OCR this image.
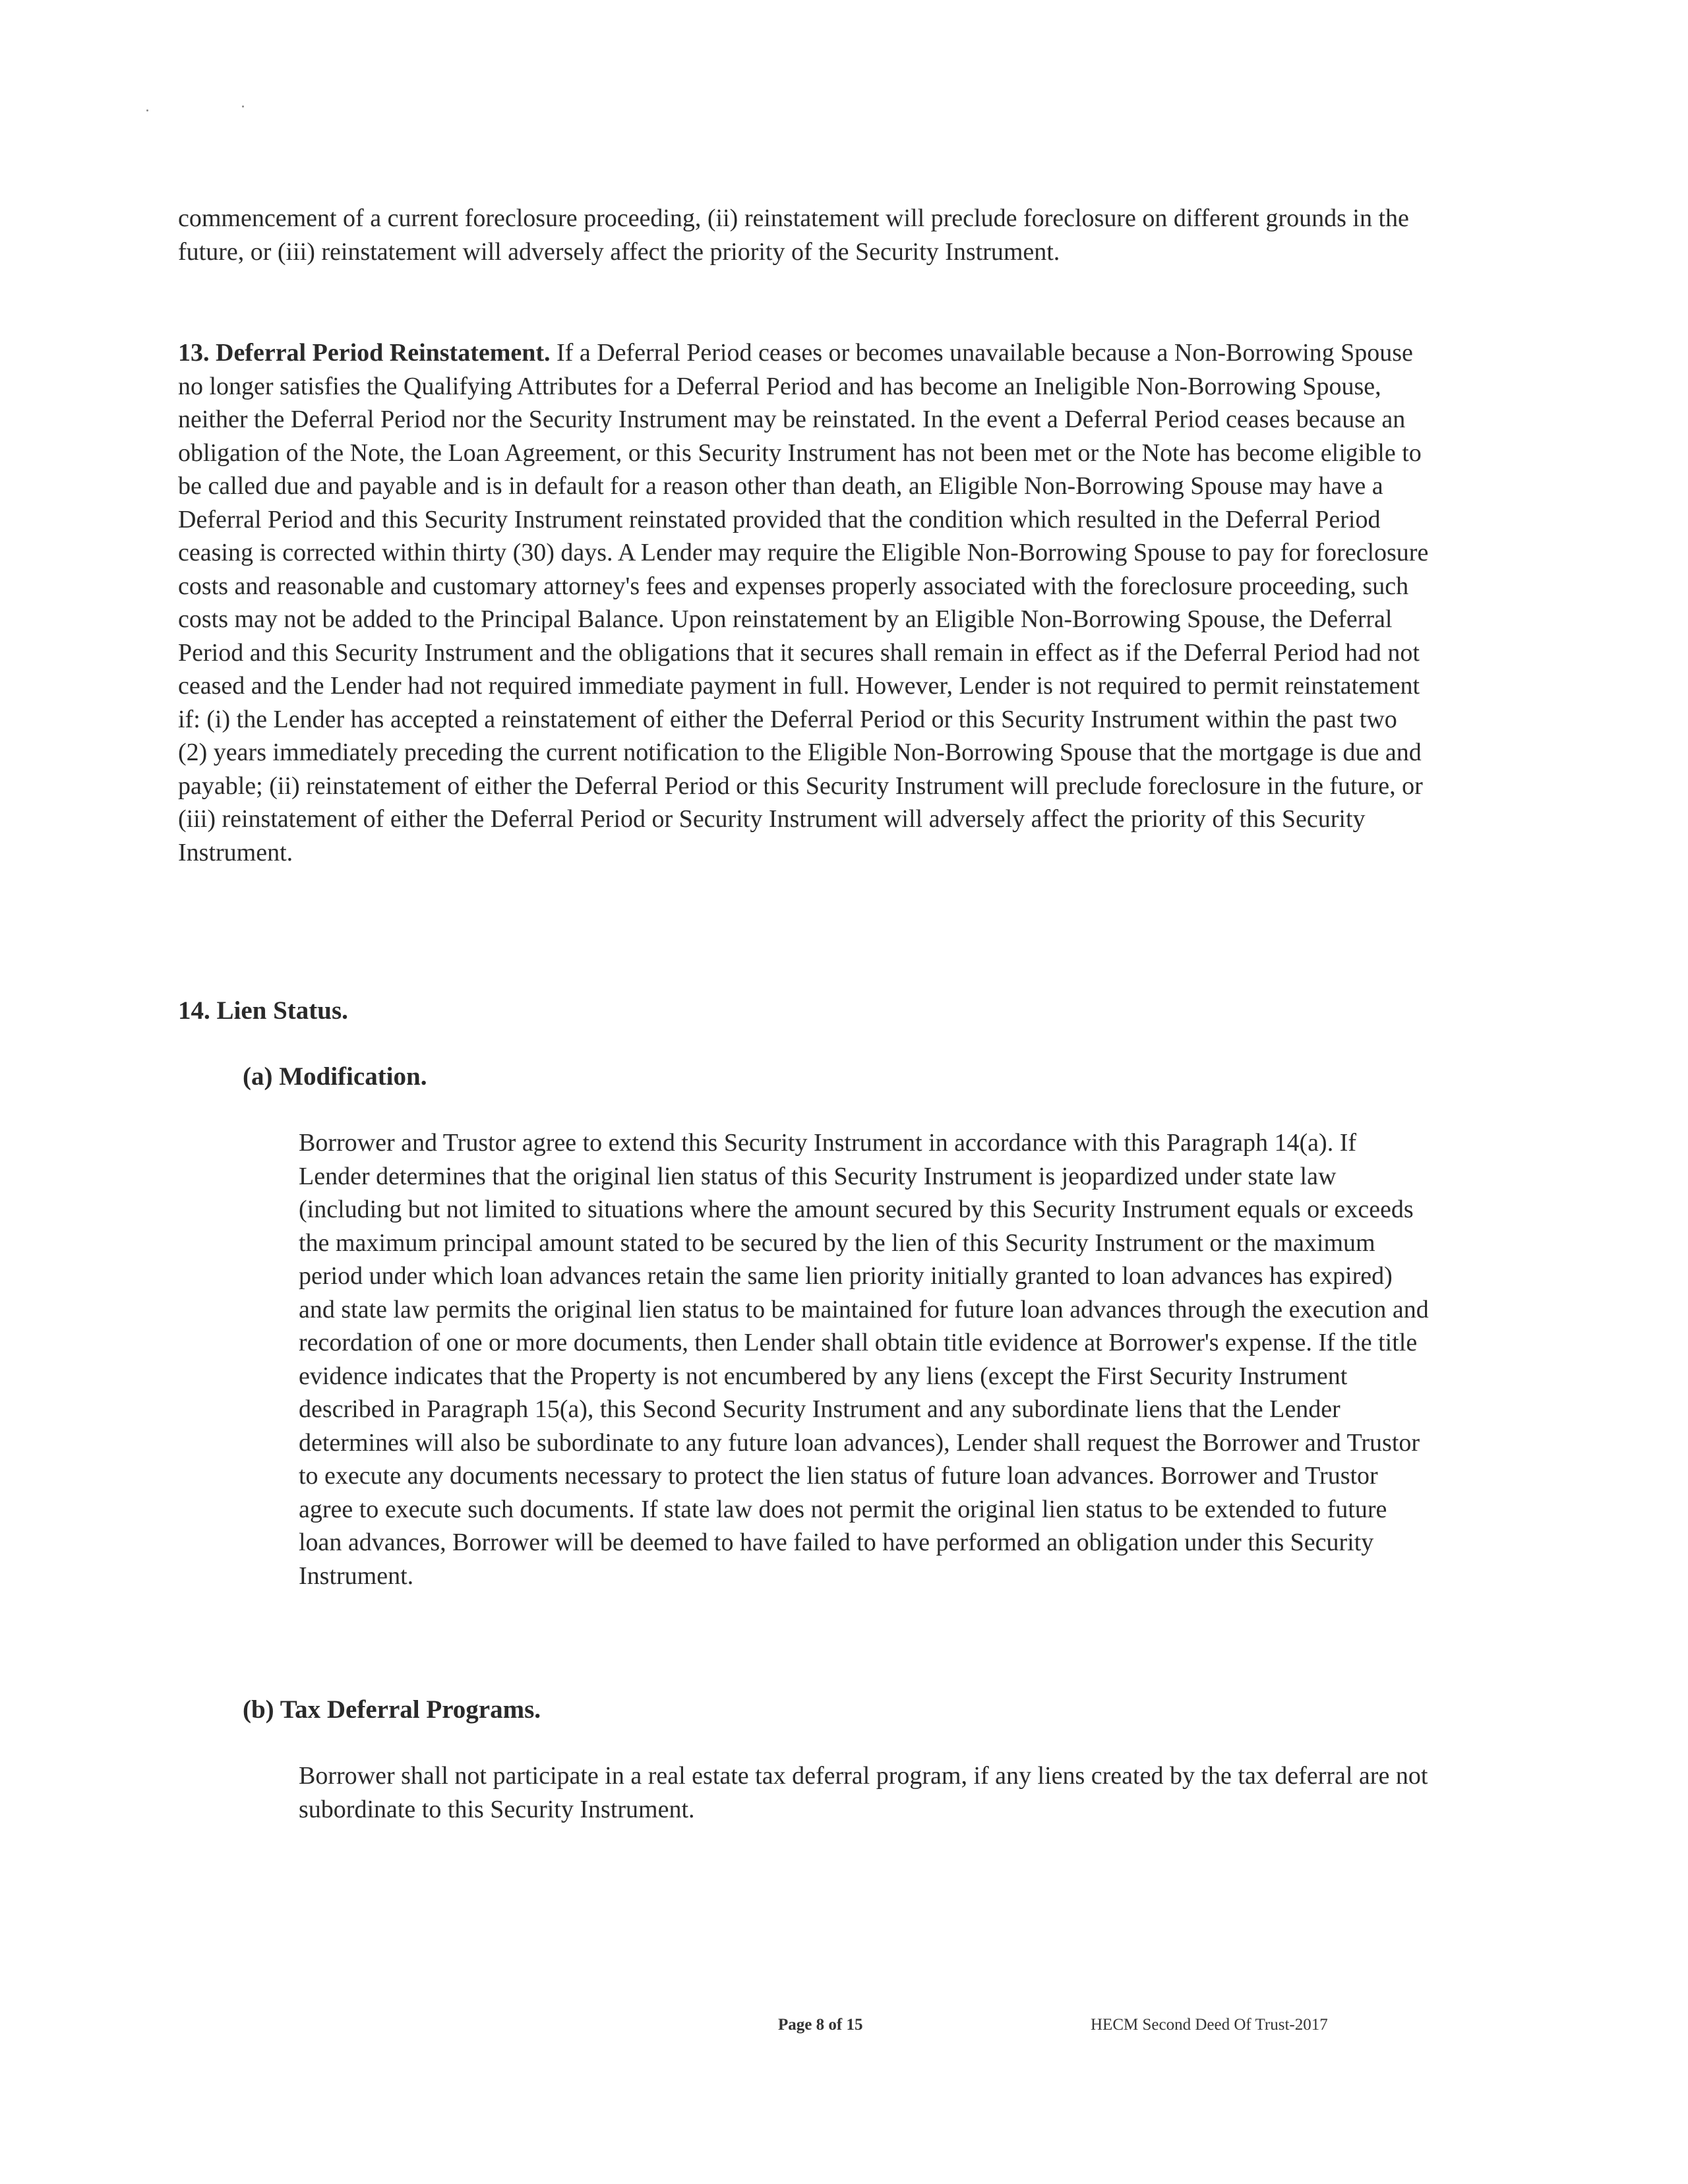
commencement of a current foreclosure proceeding, (ii) reinstatement will preclude foreclosure on different grounds in the future, or (iii) reinstatement will adversely affect the priority of the Security Instrument.

13. Deferral Period Reinstatement. If a Deferral Period ceases or becomes unavailable because a Non-Borrowing Spouse no longer satisfies the Qualifying Attributes for a Deferral Period and has become an Ineligible Non-Borrowing Spouse, neither the Deferral Period nor the Security Instrument may be reinstated. In the event a Deferral Period ceases because an obligation of the Note, the Loan Agreement, or this Security Instrument has not been met or the Note has become eligible to be called due and payable and is in default for a reason other than death, an Eligible Non-Borrowing Spouse may have a Deferral Period and this Security Instrument reinstated provided that the condition which resulted in the Deferral Period ceasing is corrected within thirty (30) days. A Lender may require the Eligible Non-Borrowing Spouse to pay for foreclosure costs and reasonable and customary attorney's fees and expenses properly associated with the foreclosure proceeding, such costs may not be added to the Principal Balance. Upon reinstatement by an Eligible Non-Borrowing Spouse, the Deferral Period and this Security Instrument and the obligations that it secures shall remain in effect as if the Deferral Period had not ceased and the Lender had not required immediate payment in full. However, Lender is not required to permit reinstatement if: (i) the Lender has accepted a reinstatement of either the Deferral Period or this Security Instrument within the past two (2) years immediately preceding the current notification to the Eligible Non-Borrowing Spouse that the mortgage is due and payable; (ii) reinstatement of either the Deferral Period or this Security Instrument will preclude foreclosure in the future, or (iii) reinstatement of either the Deferral Period or Security Instrument will adversely affect the priority of this Security Instrument.

14. Lien Status.
(a) Modification.

Borrower and Trustor agree to extend this Security Instrument in accordance with this Paragraph 14(a). If Lender determines that the original lien status of this Security Instrument is jeopardized under state law (including but not limited to situations where the amount secured by this Security Instrument equals or exceeds the maximum principal amount stated to be secured by the lien of this Security Instrument or the maximum period under which loan advances retain the same lien priority initially granted to loan advances has expired) and state law permits the original lien status to be maintained for future loan advances through the execution and recordation of one or more documents, then Lender shall obtain title evidence at Borrower's expense. If the title evidence indicates that the Property is not encumbered by any liens (except the First Security Instrument described in Paragraph 15(a), this Second Security Instrument and any subordinate liens that the Lender determines will also be subordinate to any future loan advances), Lender shall request the Borrower and Trustor to execute any documents necessary to protect the lien status of future loan advances. Borrower and Trustor agree to execute such documents. If state law does not permit the original lien status to be extended to future loan advances, Borrower will be deemed to have failed to have performed an obligation under this Security Instrument.

(b) Tax Deferral Programs.

Borrower shall not participate in a real estate tax deferral program, if any liens created by the tax deferral are not subordinate to this Security Instrument.

Page 8 of 15	HECM Second Deed Of Trust-2017
